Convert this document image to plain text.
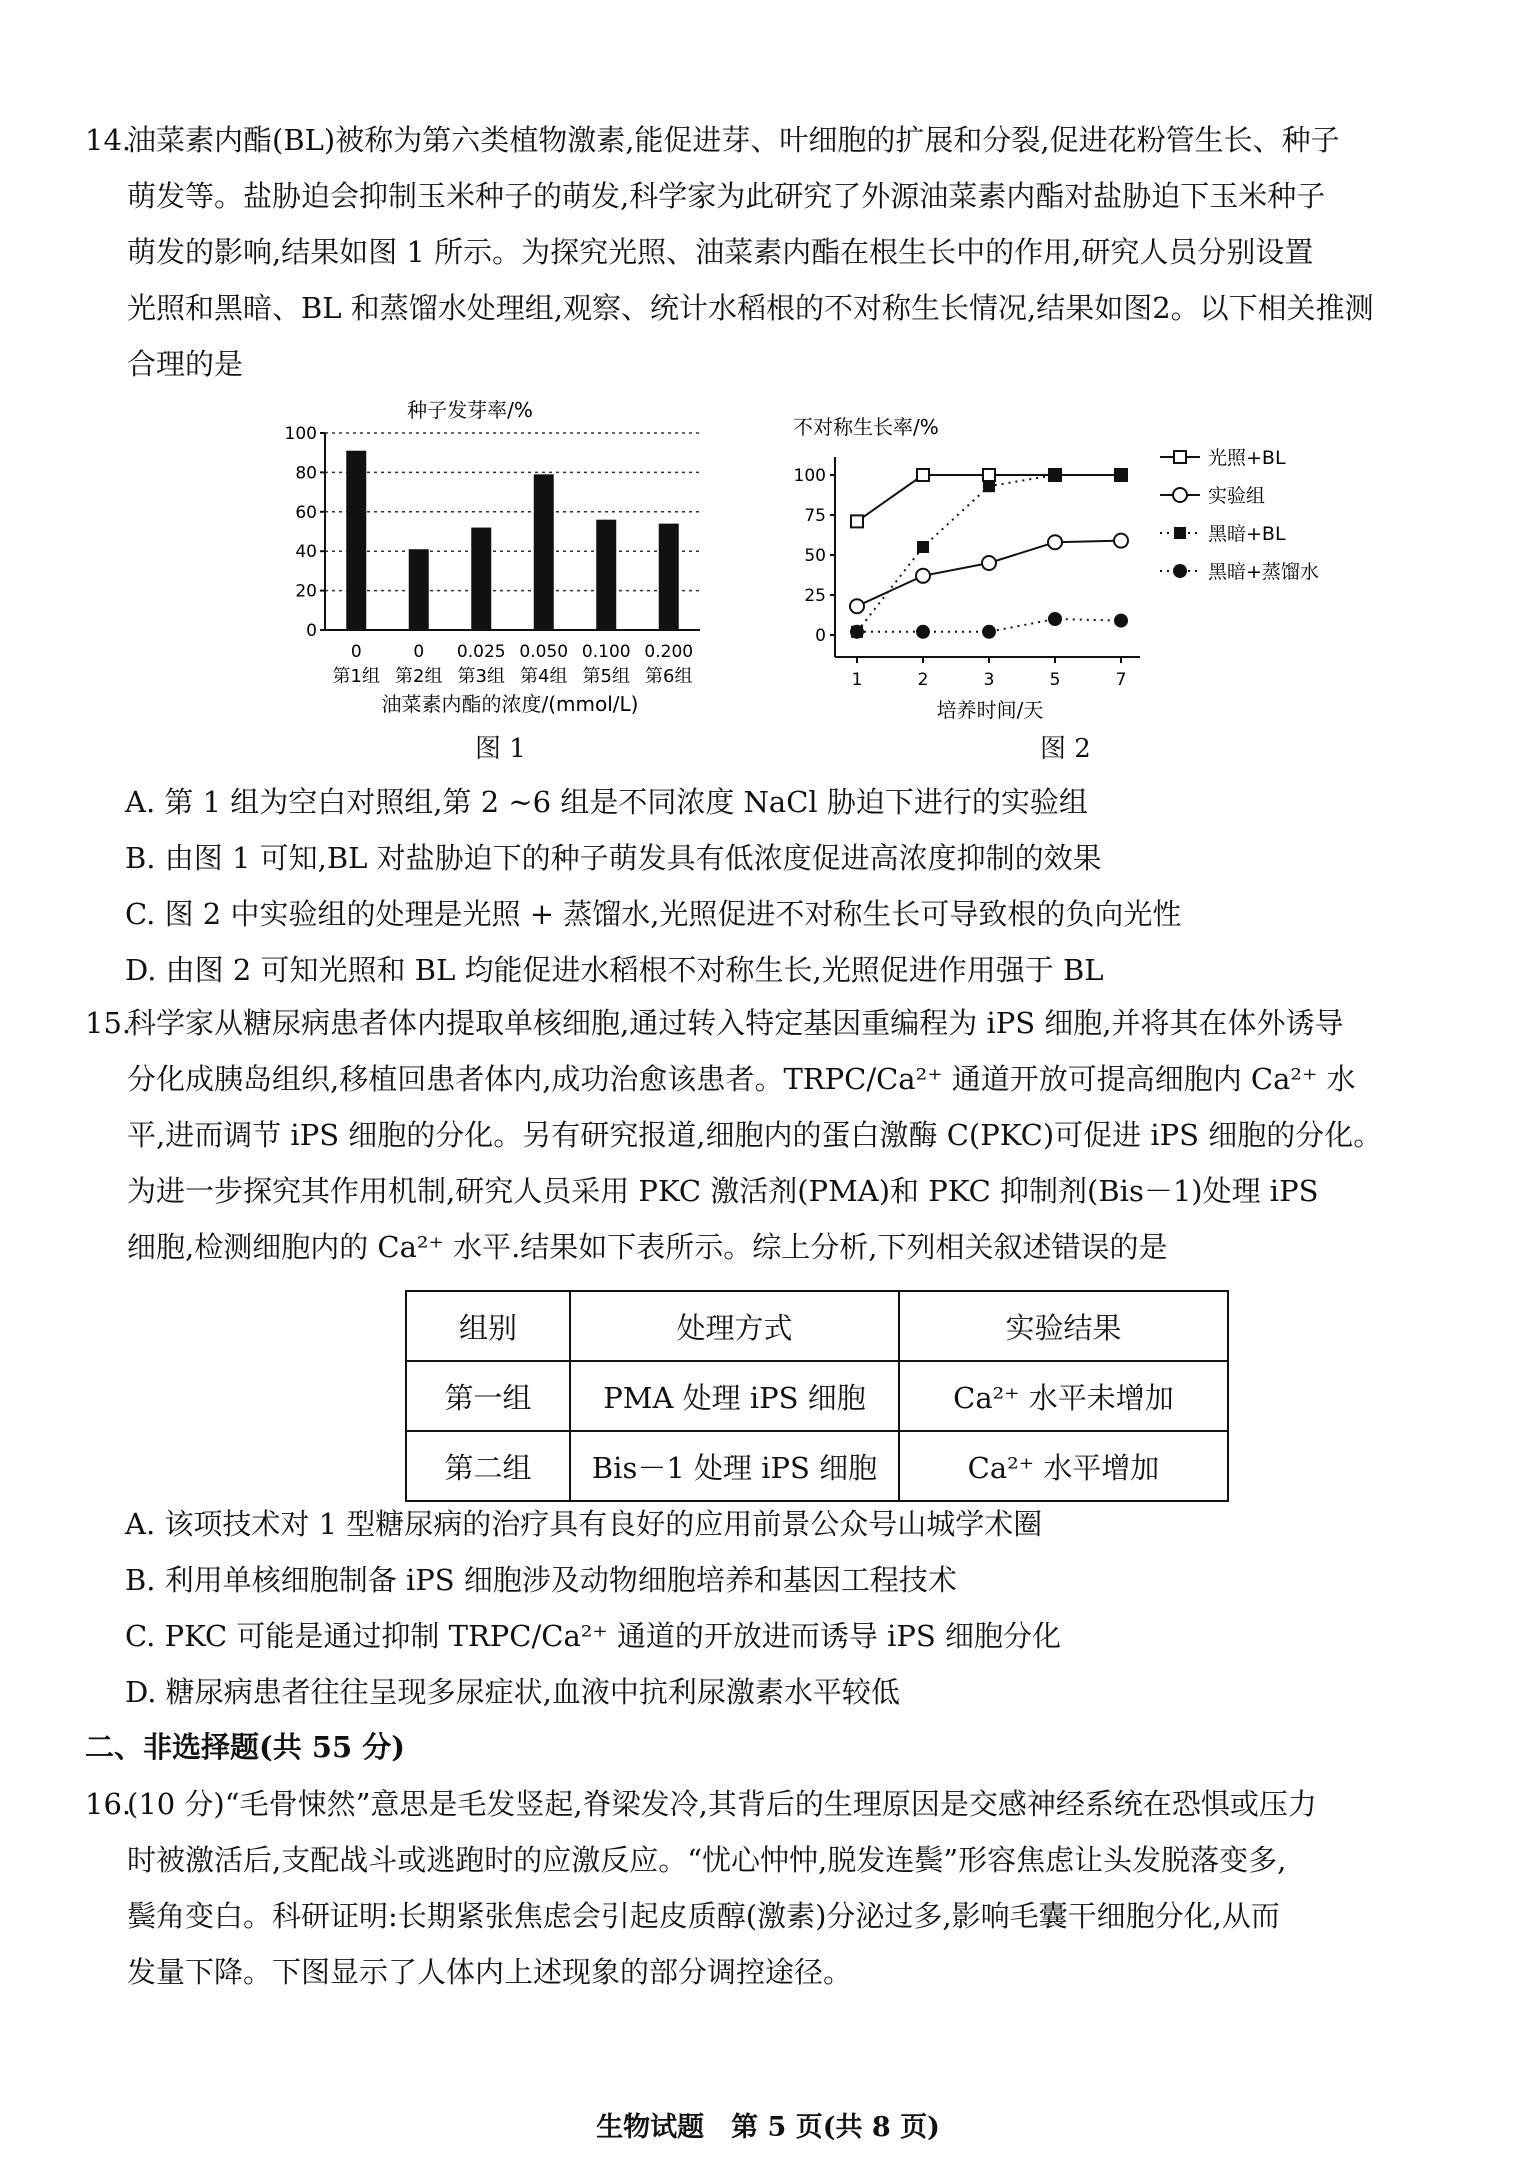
14.
油菜素内酯(BL)被称为第六类植物激素,能促进芽、叶细胞的扩展和分裂,促进花粉管生长、种子
萌发等。盐胁迫会抑制玉米种子的萌发,科学家为此研究了外源油菜素内酯对盐胁迫下玉米种子
萌发的影响,结果如图 1 所示。为探究光照、油菜素内酯在根生长中的作用,研究人员分别设置
光照和黑暗、BL 和蒸馏水处理组,观察、统计水稻根的不对称生长情况,结果如图2。以下相关推测
合理的是
种子发芽率/%
0
20
40
60
80
100
0
第1组
0
第2组
0.025
第3组
0.050
第4组
0.100
第5组
0.200
第6组
油菜素内酯的浓度/(mmol/L)
图 1
不对称生长率/%
0
25
50
75
100
1	2	3	5	7
光照+BL
实验组
黑暗+BL
黑暗+蒸馏水
培养时间/天
图 2
A. 第 1 组为空白对照组,第 2 ~6 组是不同浓度 NaCl 胁迫下进行的实验组
B. 由图 1 可知,BL 对盐胁迫下的种子萌发具有低浓度促进高浓度抑制的效果
C. 图 2 中实验组的处理是光照 + 蒸馏水,光照促进不对称生长可导致根的负向光性
D. 由图 2 可知光照和 BL 均能促进水稻根不对称生长,光照促进作用强于 BL
15.
科学家从糖尿病患者体内提取单核细胞,通过转入特定基因重编程为 iPS 细胞,并将其在体外诱导
分化成胰岛组织,移植回患者体内,成功治愈该患者。TRPC/Ca²⁺ 通道开放可提高细胞内 Ca²⁺ 水
平,进而调节 iPS 细胞的分化。另有研究报道,细胞内的蛋白激酶 C(PKC)可促进 iPS 细胞的分化。
为进一步探究其作用机制,研究人员采用 PKC 激活剂(PMA)和 PKC 抑制剂(Bis－1)处理 iPS
细胞,检测细胞内的 Ca²⁺ 水平.结果如下表所示。综上分析,下列相关叙述错误的是
组别	处理方式	实验结果
第一组	PMA 处理 iPS 细胞	Ca²⁺ 水平未增加
第二组	Bis－1 处理 iPS 细胞	Ca²⁺ 水平增加
A. 该项技术对 1 型糖尿病的治疗具有良好的应用前景公众号山城学术圈
B. 利用单核细胞制备 iPS 细胞涉及动物细胞培养和基因工程技术
C. PKC 可能是通过抑制 TRPC/Ca²⁺ 通道的开放进而诱导 iPS 细胞分化
D. 糖尿病患者往往呈现多尿症状,血液中抗利尿激素水平较低
二、非选择题(共 55 分)
16.
(10 分)“毛骨悚然”意思是毛发竖起,脊梁发冷,其背后的生理原因是交感神经系统在恐惧或压力
时被激活后,支配战斗或逃跑时的应激反应。“忧心忡忡,脱发连鬓”形容焦虑让头发脱落变多,
鬓角变白。科研证明:长期紧张焦虑会引起皮质醇(激素)分泌过多,影响毛囊干细胞分化,从而
发量下降。下图显示了人体内上述现象的部分调控途径。
生物试题　第 5 页(共 8 页)
